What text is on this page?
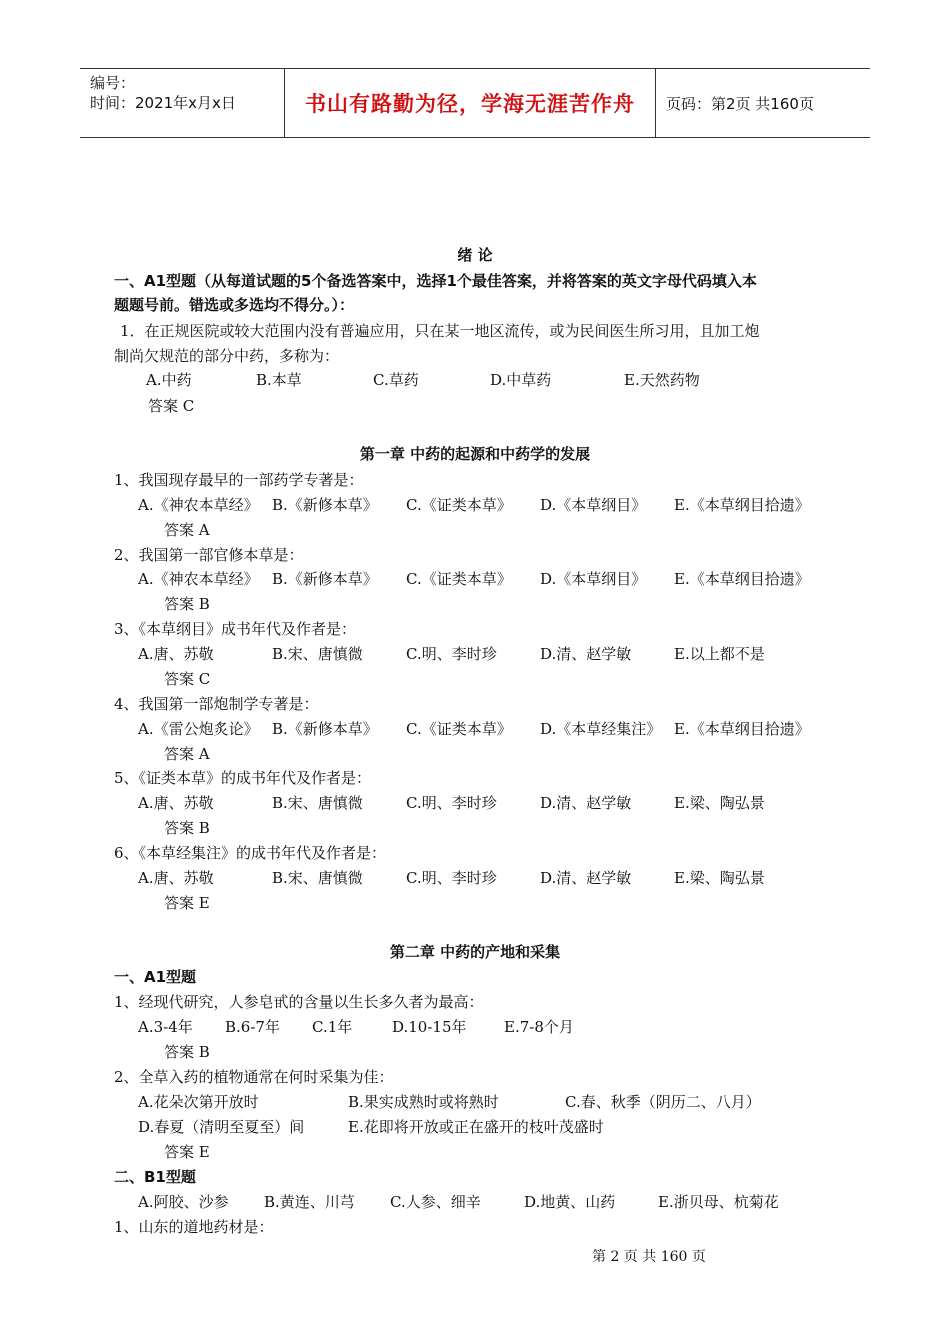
编号：
时间：2021年x月x日	书山有路勤为径，学海无涯苦作舟	页码：第2页 共160页
绪 论
一、A1型题（从每道试题的5个备选答案中，选择1个最佳答案，并将答案的英文字母代码填入本
题题号前。错选或多选均不得分。）：
1．在正规医院或较大范围内没有普遍应用，只在某一地区流传，或为民间医生所习用，且加工炮
制尚欠规范的部分中药，多称为：
A.中药	B.本草	C.草药	D.中草药	E.天然药物
答案 C
第一章 中药的起源和中药学的发展
1、我国现存最早的一部药学专著是：
A.《神农本草经》 B.《新修本草》 C.《证类本草》 D.《本草纲目》 E.《本草纲目拾遗》
答案 A
2、我国第一部官修本草是：
A.《神农本草经》 B.《新修本草》 C.《证类本草》 D.《本草纲目》 E.《本草纲目拾遗》
答案 B
3、《本草纲目》成书年代及作者是：
A.唐、苏敬	B.宋、唐慎微	C.明、李时珍	D.清、赵学敏	E.以上都不是
答案 C
4、我国第一部炮制学专著是：
A.《雷公炮炙论》 B.《新修本草》 C.《证类本草》 D.《本草经集注》 E.《本草纲目拾遗》
答案 A
5、《证类本草》的成书年代及作者是：
A.唐、苏敬	B.宋、唐慎微	C.明、李时珍	D.清、赵学敏	E.梁、陶弘景
答案 B
6、《本草经集注》的成书年代及作者是：
A.唐、苏敬	B.宋、唐慎微	C.明、李时珍	D.清、赵学敏	E.梁、陶弘景
答案 E
第二章 中药的产地和采集
一、A1型题
1、经现代研究，人参皂甙的含量以生长多久者为最高：
A.3-4年 B.6-7年 C.1年	D.10-15年 E.7-8个月
答案 B
2、全草入药的植物通常在何时采集为佳：
A.花朵次第开放时	B.果实成熟时或将熟时	C.春、秋季（阴历二、八月）
D.春夏（清明至夏至）间	E.花即将开放或正在盛开的枝叶茂盛时
答案 E
二、B1型题
A.阿胶、沙参 B.黄连、川芎 C.人参、细辛	D.地黄、山药	E.浙贝母、杭菊花
1、山东的道地药材是：
第 2 页 共 160 页
